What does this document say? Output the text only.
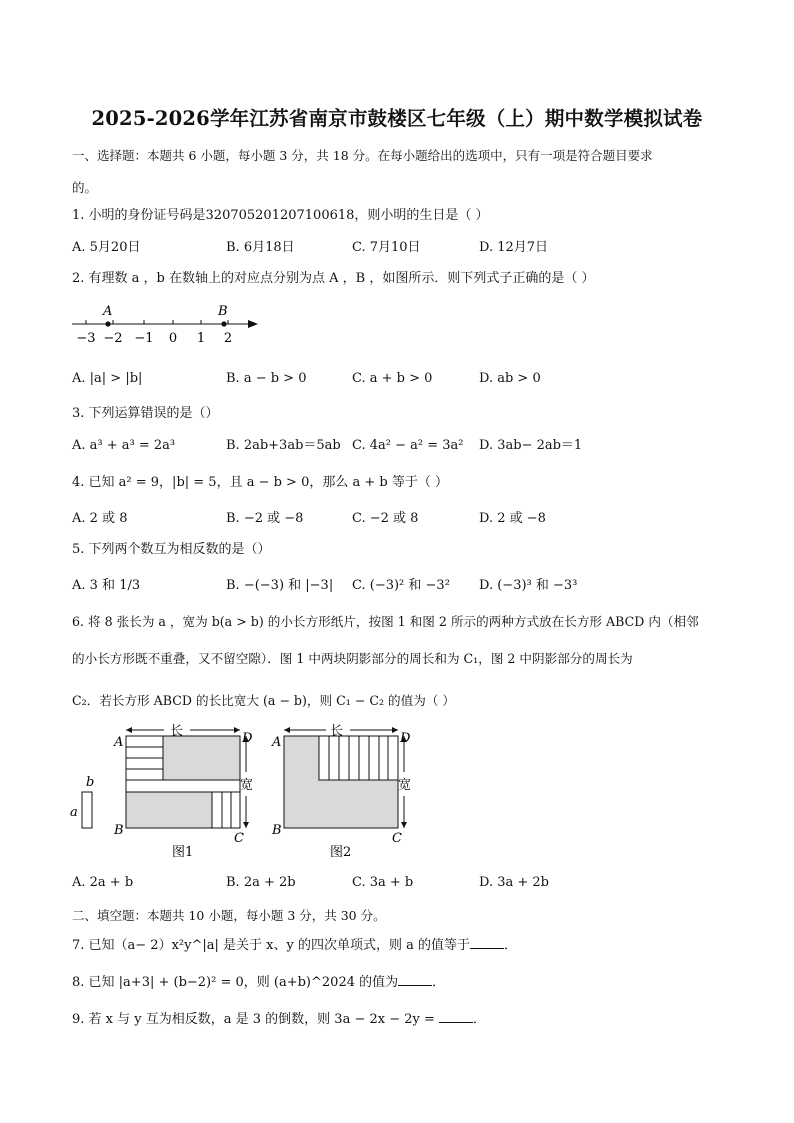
2025-2026学年江苏省南京市鼓楼区七年级（上）期中数学模拟试卷
一、选择题：本题共 6 小题，每小题 3 分，共 18 分。在每小题给出的选项中，只有一项是符合题目要求
的。
1. 小明的身份证号码是320705201207100618，则小明的生日是（ ）
A. 5月20日	B. 6月18日	C. 7月10日	D. 12月7日
2. 有理数 a ，b 在数轴上的对应点分别为点 A ，B ，如图所示．则下列式子正确的是（ ）
A	B
−3 −2 −1 0 1 2
A. |a| > |b|	B. a − b > 0	C. a + b > 0	D. ab > 0
3. 下列运算错误的是（）
A. a³ + a³ = 2a³	B. 2ab+3ab＝5ab C. 4a² − a² = 3a² D. 3ab− 2ab＝1
4. 已知 a² = 9，|b| = 5，且 a − b > 0，那么 a + b 等于（ ）
A. 2 或 8	B. −2 或 −8	C. −2 或 8	D. 2 或 −8
5. 下列两个数互为相反数的是（）
A. 3 和 1/3	B. −(−3) 和 |−3| C. (−3)² 和 −3² D. (−3)³ 和 −3³
6. 将 8 张长为 a ，宽为 b(a > b) 的小长方形纸片，按图 1 和图 2 所示的两种方式放在长方形 ABCD 内（相邻
的小长方形既不重叠，又不留空隙）．图 1 中两块阴影部分的周长和为 C₁，图 2 中阴影部分的周长为
C₂．若长方形 ABCD 的长比宽大 (a − b)，则 C₁ − C₂ 的值为（ ）
b
a
长
宽
A	D
B
C
图1
长
宽
A	D
B
C
图2
A. 2a + b	B. 2a + 2b	C. 3a + b	D. 3a + 2b
二、填空题：本题共 10 小题，每小题 3 分，共 30 分。
7. 已知（a− 2）x²y^|a| 是关于 x、y 的四次单项式，则 a 的值等于	．
8. 已知 |a+3| + (b−2)² = 0，则 (a+b)^2024 的值为	．
9. 若 x 与 y 互为相反数，a 是 3 的倒数，则 3a − 2x − 2y =	．
